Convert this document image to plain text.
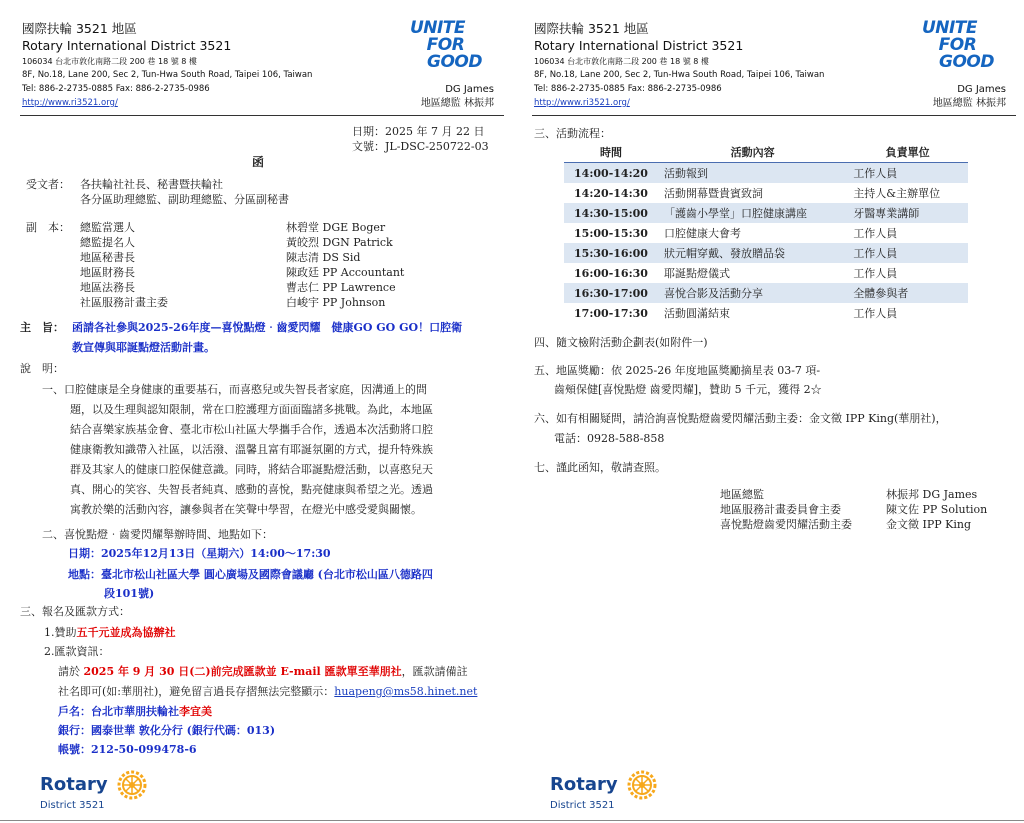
國際扶輪 3521 地區
Rotary International District 3521
106034 台北市敦化南路二段 200 巷 18 號 8 樓
8F, No.18, Lane 200, Sec 2, Tun-Hwa South Road, Taipei 106, Taiwan
Tel: 886-2-2735-0885 Fax: 886-2-2735-0986
http://www.ri3521.org/
UNITE
FOR
GOOD
DG James
地區總監 林振邦
日期：2025 年 7 月 22 日
文號：JL-DSC-250722-03
函
受文者： 各扶輪社社長、秘書暨扶輪社
各分區助理總監、副助理總監、分區副秘書
副　本： 總監當選人	林碧堂 DGE Boger
總監提名人	黃皎烈 DGN Patrick
地區秘書長	陳志清 DS Sid
地區財務長	陳政廷 PP Accountant
地區法務長	曹志仁 PP Lawrence
社區服務計畫主委	白峻宇 PP Johnson
主　旨： 函請各社參與2025-26年度—喜悅點燈‧齒愛閃耀　健康GO GO GO！口腔衛
教宣傳與耶誕點燈活動計畫。
說　明：
一、口腔健康是全身健康的重要基石，而喜憨兒或失智長者家庭，因溝通上的問
題，以及生理與認知限制，常在口腔護理方面面臨諸多挑戰。為此，本地區
結合喜樂家族基金會、臺北市松山社區大學攜手合作，透過本次活動將口腔
健康衛教知識帶入社區，以活潑、溫馨且富有耶誕氛圍的方式，提升特殊族
群及其家人的健康口腔保健意識。同時，將結合耶誕點燈活動，以喜憨兒天
真、開心的笑容、失智長者純真、感動的喜悅，點亮健康與希望之光。透過
寓教於樂的活動內容，讓參與者在笑聲中學習，在燈光中感受愛與關懷。
二、喜悅點燈‧齒愛閃耀舉辦時間、地點如下：
日期：2025年12月13日（星期六）14:00～17:30
地點：臺北市松山社區大學 圓心廣場及國際會議廳 (台北市松山區八德路四
段101號)
三、報名及匯款方式：
1.贊助五千元並成為協辦社
2.匯款資訊：
請於 2025 年 9 月 30 日(二)前完成匯款並 E-mail 匯款單至華朋社，匯款請備註
社名即可(如:華朋社)，避免留言過長存摺無法完整顯示：huapeng@ms58.hinet.net
戶名：台北市華朋扶輪社李宜美
銀行：國泰世華 敦化分行 (銀行代碼：013)
帳號：212-50-099478-6
Rotary
District 3521
國際扶輪 3521 地區
Rotary International District 3521
106034 台北市敦化南路二段 200 巷 18 號 8 樓
8F, No.18, Lane 200, Sec 2, Tun-Hwa South Road, Taipei 106, Taiwan
Tel: 886-2-2735-0885 Fax: 886-2-2735-0986
http://www.ri3521.org/
UNITE
FOR
GOOD
DG James
地區總監 林振邦
三、活動流程：
時間	活動內容	負責單位
14:00-14:20	活動報到	工作人員
14:20-14:30	活動開幕暨貴賓致詞	主持人&主辦單位
14:30-15:00	「護齒小學堂」口腔健康講座	牙醫專業講師
15:00-15:30	口腔健康大會考	工作人員
15:30-16:00	狀元帽穿戴、發放贈品袋	工作人員
16:00-16:30	耶誕點燈儀式	工作人員
16:30-17:00	喜悅合影及活動分享	全體參與者
17:00-17:30	活動圓滿結束	工作人員
四、隨文檢附活動企劃表(如附件一)
五、地區獎勵：依 2025-26 年度地區獎勵摘星表 03-7 項-
齒頰保健[喜悅點燈 齒愛閃耀]，贊助 5 千元，獲得 2☆
六、如有相關疑問，請洽詢喜悅點燈齒愛閃耀活動主委：金文徵 IPP King(華朋社)，
電話：0928-588-858
七、謹此函知，敬請查照。
地區總監	林振邦 DG James
地區服務計畫委員會主委	陳文佐 PP Solution
喜悅點燈齒愛閃耀活動主委	金文徵 IPP King
Rotary
District 3521
